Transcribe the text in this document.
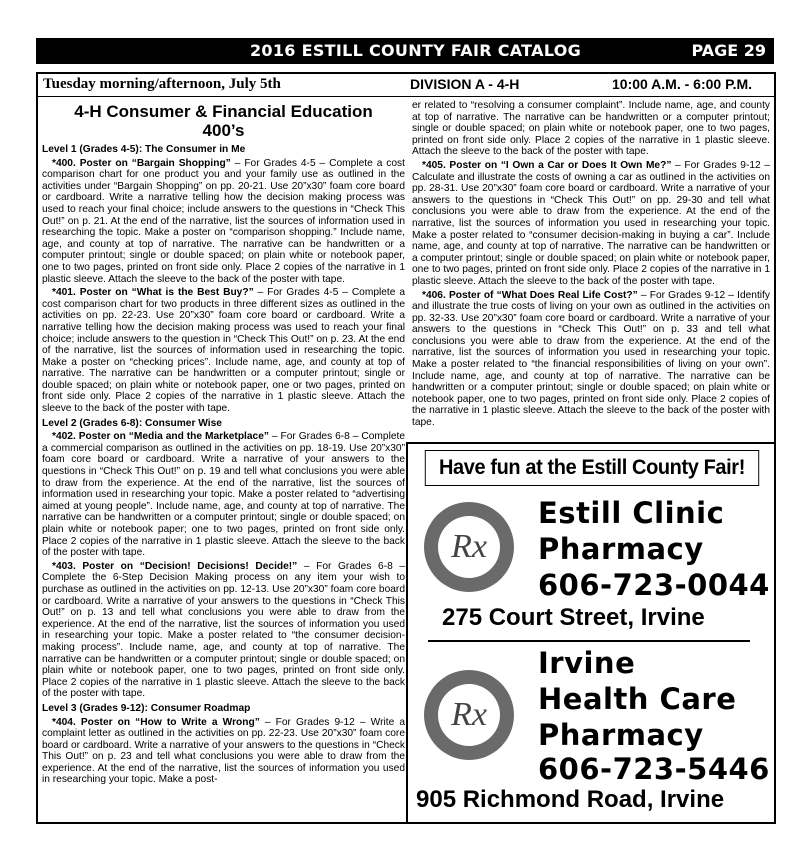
2016 ESTILL COUNTY FAIR CATALOG	PAGE 29
Tuesday morning/afternoon, July 5th	DIVISION A - 4-H	10:00 A.M. - 6:00 P.M.
4-H Consumer & Financial Education
400’s

Level 1 (Grades 4-5): The Consumer in Me

*400. Poster on “Bargain Shopping” – For Grades 4-5 – Complete a cost comparison chart for one product you and your family use as outlined in the activities under “Bargain Shopping” on pp. 20-21. Use 20”x30” foam core board or cardboard. Write a narrative telling how the decision making process was used to reach your final choice; include answers to the questions in “Check This Out!” on p. 21. At the end of the narrative, list the sources of information used in researching the topic. Make a poster on “comparison shopping.” Include name, age, and county at top of narrative. The narrative can be handwritten or a computer printout; single or double spaced; on plain white or notebook paper, one to two pages, printed on front side only. Place 2 copies of the narrative in 1 plastic sleeve. Attach the sleeve to the back of the poster with tape.

*401. Poster on “What is the Best Buy?” – For Grades 4-5 – Complete a cost comparison chart for two products in three different sizes as outlined in the activities on pp. 22-23. Use 20”x30” foam core board or cardboard. Write a narrative telling how the decision making process was used to reach your final choice; include answers to the question in “Check This Out!” on p. 23. At the end of the narrative, list the sources of information used in researching the topic. Make a poster on “checking prices”. Include name, age, and county at top of narrative. The narrative can be handwritten or a computer printout; single or double spaced; on plain white or notebook paper, one or two pages, printed on front side only. Place 2 copies of the narrative in 1 plastic sleeve. Attach the sleeve to the back of the poster with tape.

Level 2 (Grades 6-8): Consumer Wise

*402. Poster on “Media and the Marketplace” – For Grades 6-8 – Complete a commercial comparison as outlined in the activities on pp. 18-19. Use 20”x30” foam core board or cardboard. Write a narrative of your answers to the questions in “Check This Out!” on p. 19 and tell what conclusions you were able to draw from the experience. At the end of the narrative, list the sources of information used in researching your topic. Make a poster related to “advertising aimed at young people”. Include name, age, and county at top of narrative. The narrative can be handwritten or a computer printout; single or double spaced; on plain white or notebook paper; one to two pages, printed on front side only. Place 2 copies of the narrative in 1 plastic sleeve. Attach the sleeve to the back of the poster with tape.

*403. Poster on “Decision! Decisions! Decide!” – For Grades 6-8 – Complete the 6-Step Decision Making process on any item your wish to purchase as outlined in the activities on pp. 12-13. Use 20”x30” foam core board or cardboard. Write a narrative of your answers to the questions in “Check This Out!” on p. 13 and tell what conclusions you were able to draw from the experience. At the end of the narrative, list the sources of information you used in researching your topic. Make a poster related to “the consumer decision-making process”. Include name, age, and county at top of narrative. The narrative can be handwritten or a computer printout; single or double spaced; on plain white or notebook paper, one to two pages, printed on front side only. Place 2 copies of the narrative in 1 plastic sleeve. Attach the sleeve to the back of the poster with tape.

Level 3 (Grades 9-12): Consumer Roadmap

*404. Poster on “How to Write a Wrong” – For Grades 9-12 – Write a complaint letter as outlined in the activities on pp. 22-23. Use 20”x30” foam core board or cardboard. Write a narrative of your answers to the questions in “Check This Out!” on p. 23 and tell what conclusions you were able to draw from the experience. At the end of the narrative, list the sources of information you used in researching your topic. Make a post-

er related to “resolving a consumer complaint”. Include name, age, and county at top of narrative. The narrative can be handwritten or a computer printout; single or double spaced; on plain white or notebook paper, one to two pages, printed on front side only. Place 2 copies of the narrative in 1 plastic sleeve. Attach the sleeve to the back of the poster with tape.

*405. Poster on “I Own a Car or Does It Own Me?” – For Grades 9-12 – Calculate and illustrate the costs of owning a car as outlined in the activities on pp. 28-31. Use 20”x30” foam core board or cardboard. Write a narrative of your answers to the questions in “Check This Out!” on pp. 29-30 and tell what conclusions you were able to draw from the experience. At the end of the narrative, list the sources of information you used in researching your topic. Make a poster related to “consumer decision-making in buying a car”. Include name, age, and county at top of narrative. The narrative can be handwritten or a computer printout; single or double spaced; on plain white or notebook paper, one to two pages, printed on front side only. Place 2 copies of the narrative in 1 plastic sleeve. Attach the sleeve to the back of the poster with tape.

*406. Poster of “What Does Real Life Cost?” – For Grades 9-12 – Identify and illustrate the true costs of living on your own as outlined in the activities on pp. 32-33. Use 20”x30” foam core board or cardboard. Write a narrative of your answers to the questions in “Check This Out!” on p. 33 and tell what conclusions you were able to draw from the experience. At the end of the narrative, list the sources of information you used in researching your topic. Make a poster related to “the financial responsibilities of living on your own”. Include name, age, and county at top of narrative. The narrative can be handwritten or a computer printout; single or double spaced; on plain white or notebook paper, one to two pages, printed on front side only. Place 2 copies of the narrative in 1 plastic sleeve. Attach the sleeve to the back of the poster with tape.

Have fun at the Estill County Fair!
Rx
Estill Clinic
Pharmacy
606-723-0044
275 Court Street, Irvine
Rx
Irvine
Health Care
Pharmacy
606-723-5446
905 Richmond Road, Irvine
